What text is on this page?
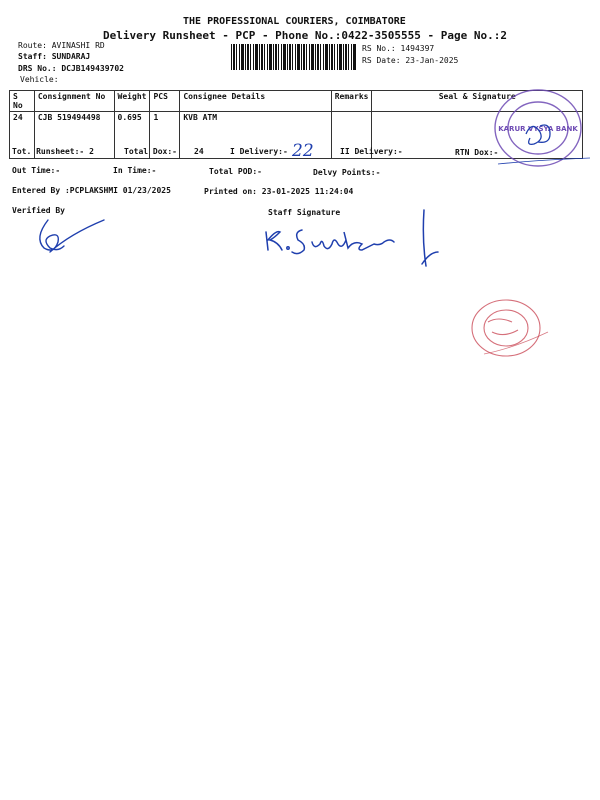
THE PROFESSIONAL COURIERS, COIMBATORE
Delivery Runsheet - PCP - Phone No.:0422-3505555 - Page No.:2
Route: AVINASHI RD
Staff: SUNDARAJ
DRS No.: DCJB149439702
Vehicle:
RS No.: 1494397
RS Date: 23-Jan-2025
S No	Consignment No	Weight	PCS	Consignee Details	Remarks	Seal & Signature
24	CJB 519494498	0.695	1	KVB ATM		
KARUR VYSYA BANK
Tot. Runsheet:- 2	Total Dox:- 24	I Delivery:- 22	II Delivery:-	RTN Dox:-
Out Time:-	In Time:-	Total POD:-	Delvy Points:-
Entered By :PCPLAKSHMI 01/23/2025	Printed on: 23-01-2025 11:24:04
Verified By	Staff Signature
